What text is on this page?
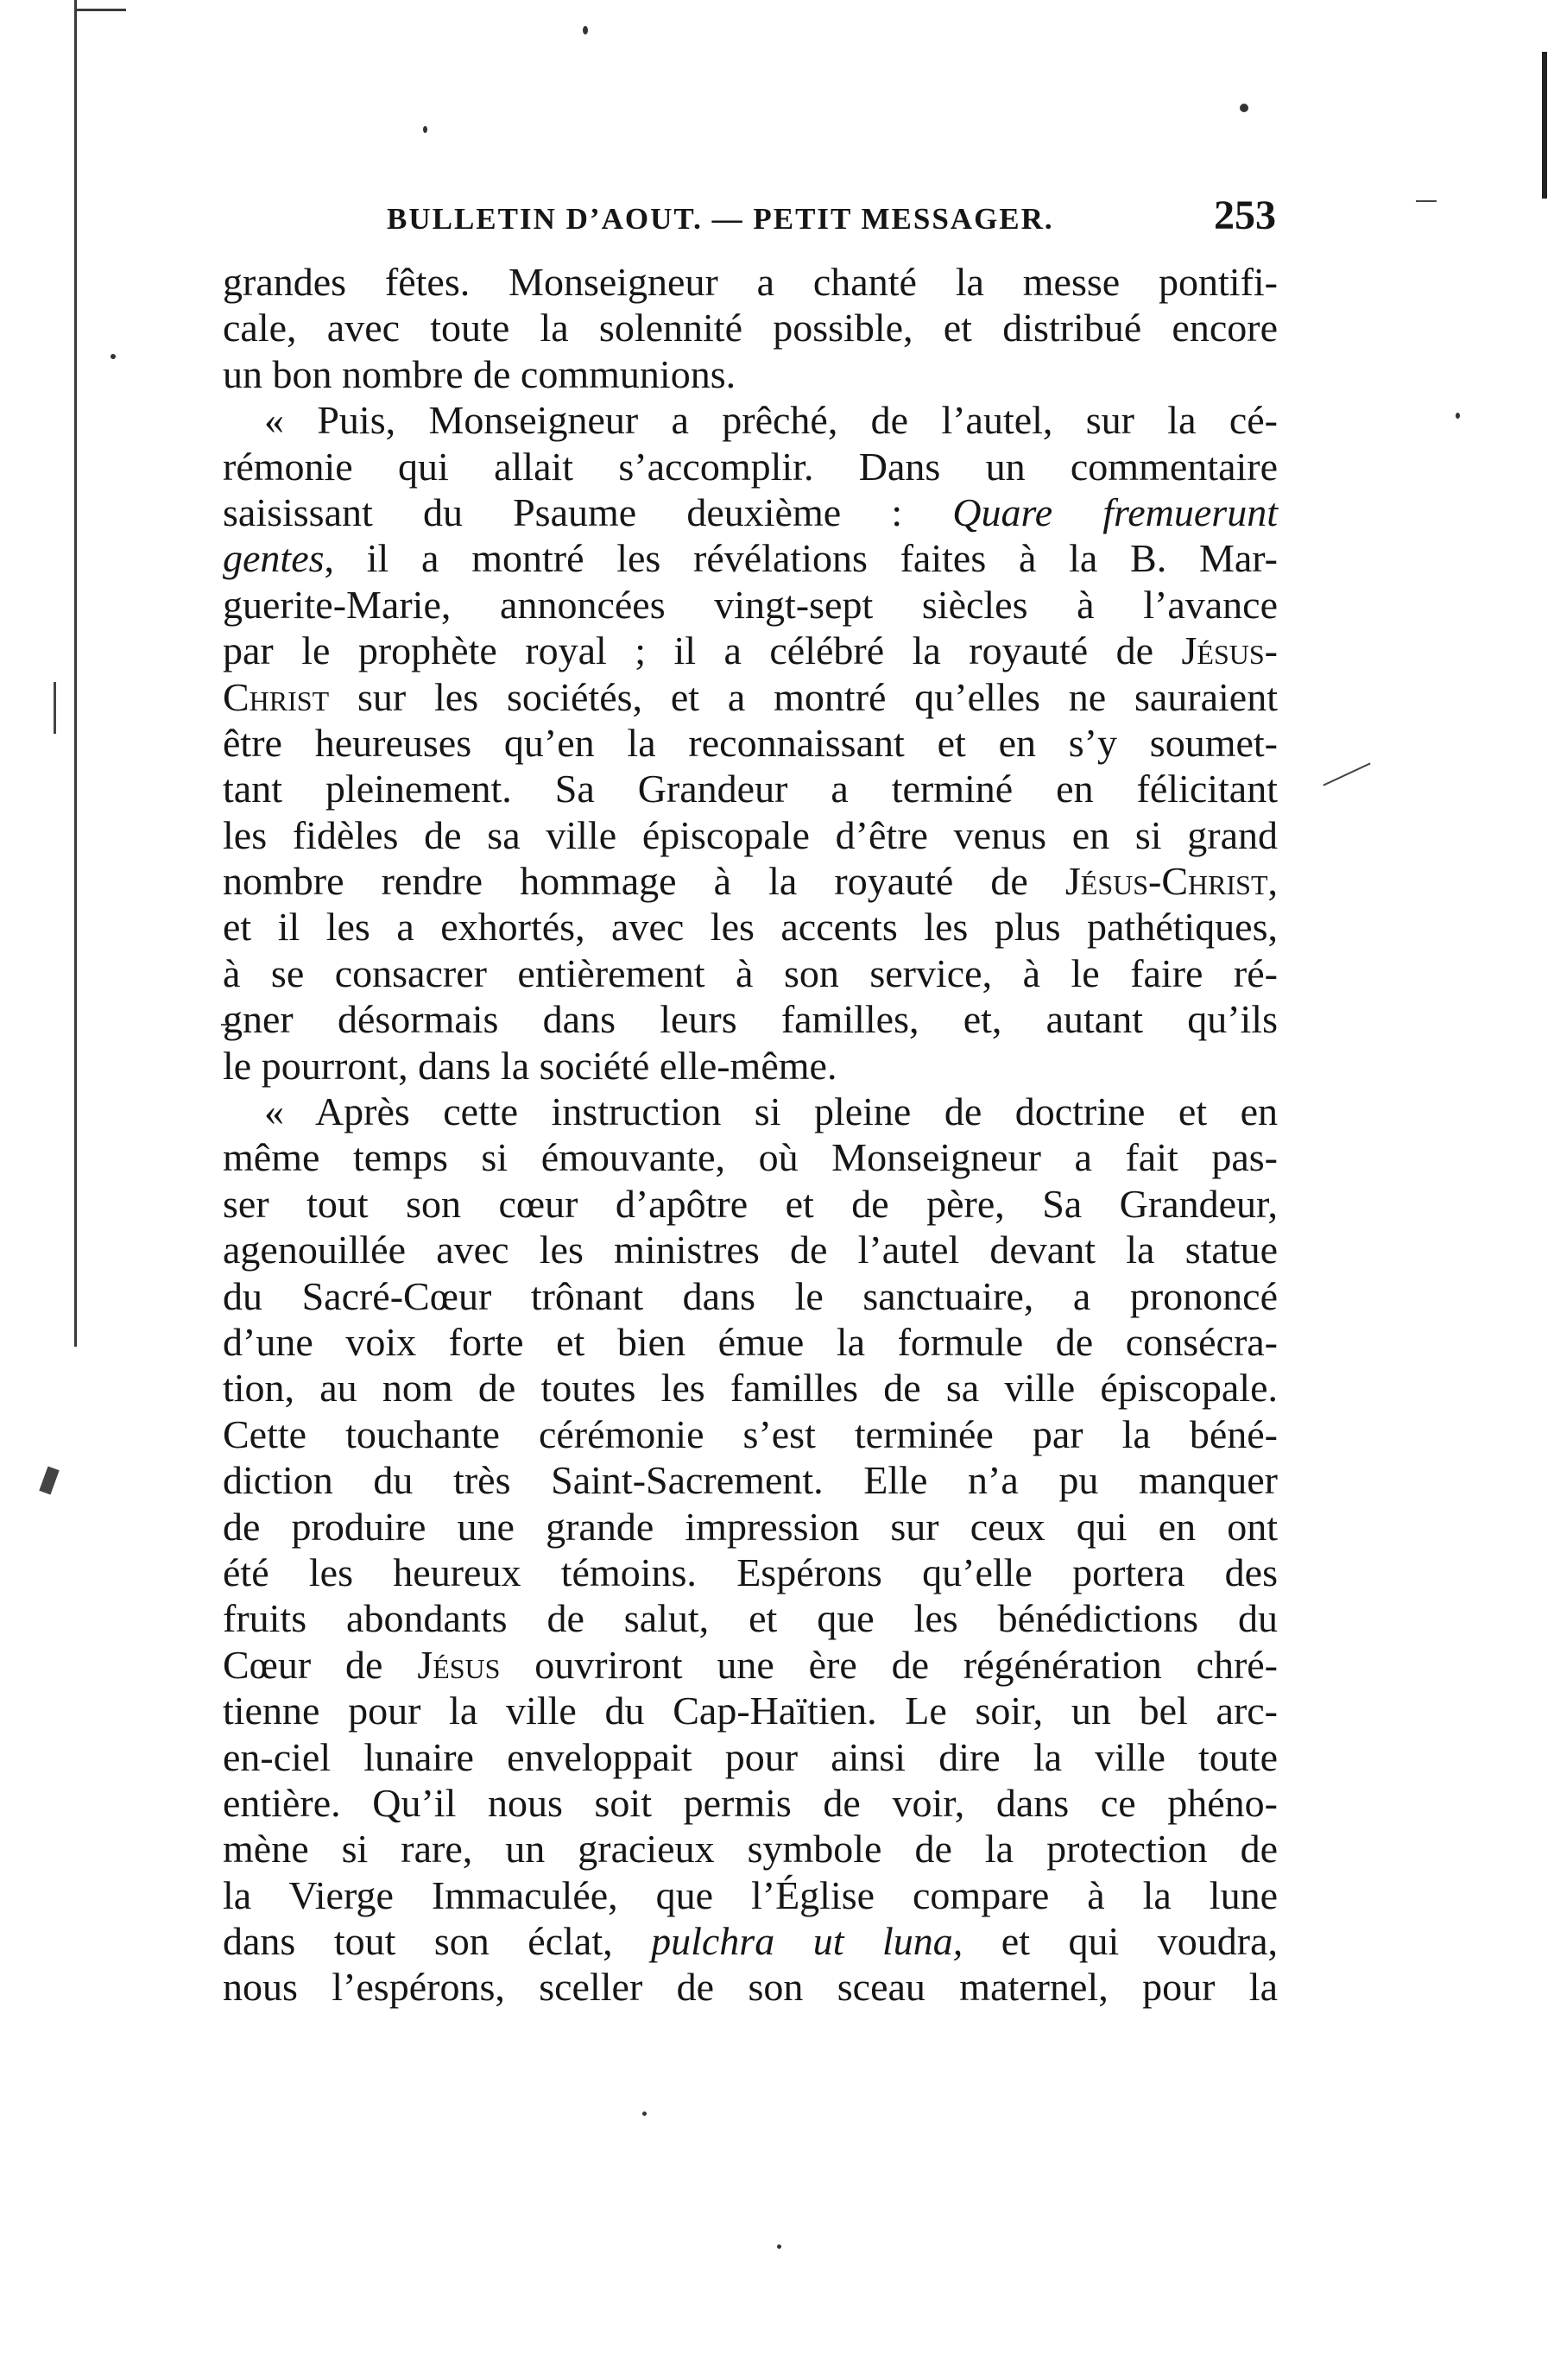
BULLETIN D’AOUT. — PETIT MESSAGER.	253
grandes fêtes. Monseigneur a chanté la messe pontifi-
cale, avec toute la solennité possible, et distribué encore
un bon nombre de communions.
« Puis, Monseigneur a prêché, de l’autel, sur la cé-
rémonie qui allait s’accomplir. Dans un commentaire
saisissant du Psaume deuxième : Quare fremuerunt
gentes, il a montré les révélations faites à la B. Mar-
guerite-Marie, annoncées vingt-sept siècles à l’avance
par le prophète royal ; il a célébré la royauté de Jésus-
Christ sur les sociétés, et a montré qu’elles ne sauraient
être heureuses qu’en la reconnaissant et en s’y soumet-
tant pleinement. Sa Grandeur a terminé en félicitant
les fidèles de sa ville épiscopale d’être venus en si grand
nombre rendre hommage à la royauté de Jésus-Christ,
et il les a exhortés, avec les accents les plus pathétiques,
à se consacrer entièrement à son service, à le faire ré-
gner désormais dans leurs familles, et, autant qu’ils
le pourront, dans la société elle-même.
« Après cette instruction si pleine de doctrine et en
même temps si émouvante, où Monseigneur a fait pas-
ser tout son cœur d’apôtre et de père, Sa Grandeur,
agenouillée avec les ministres de l’autel devant la statue
du Sacré-Cœur trônant dans le sanctuaire, a prononcé
d’une voix forte et bien émue la formule de consécra-
tion, au nom de toutes les familles de sa ville épiscopale.
Cette touchante cérémonie s’est terminée par la béné-
diction du très Saint-Sacrement. Elle n’a pu manquer
de produire une grande impression sur ceux qui en ont
été les heureux témoins. Espérons qu’elle portera des
fruits abondants de salut, et que les bénédictions du
Cœur de Jésus ouvriront une ère de régénération chré-
tienne pour la ville du Cap-Haïtien. Le soir, un bel arc-
en-ciel lunaire enveloppait pour ainsi dire la ville toute
entière. Qu’il nous soit permis de voir, dans ce phéno-
mène si rare, un gracieux symbole de la protection de
la Vierge Immaculée, que l’Église compare à la lune
dans tout son éclat, pulchra ut luna, et qui voudra,
nous l’espérons, sceller de son sceau maternel, pour la
